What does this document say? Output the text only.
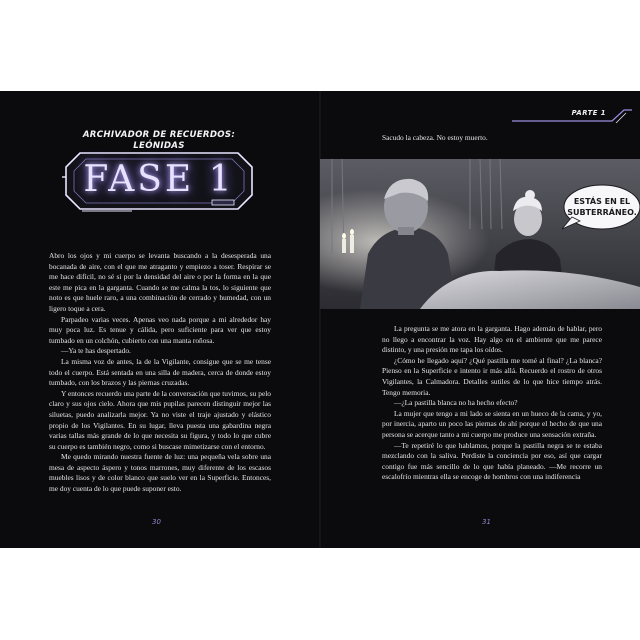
ARCHIVADOR DE RECUERDOS:
LEÓNIDAS
FASE 1

Abro los ojos y mi cuerpo se levanta buscando a la desesperada una bocanada de aire, con el que me atraganto y empiezo a toser. Respirar se me hace difícil, no sé si por la densidad del aire o por la forma en la que este me pica en la garganta. Cuando se me calma la tos, lo siguiente que noto es que huele raro, a una combinación de cerrado y humedad, con un ligero toque a cera.

Parpadeo varias veces. Apenas veo nada porque a mi alrededor hay muy poca luz. Es tenue y cálida, pero suficiente para ver que estoy tumbado en un colchón, cubierto con una manta roñosa.

—Ya te has despertado.

La misma voz de antes, la de la Vigilante, consigue que se me tense todo el cuerpo. Está sentada en una silla de madera, cerca de donde estoy tumbado, con los brazos y las piernas cruzadas.

Y entonces recuerdo una parte de la conversación que tuvimos, su pelo claro y sus ojos cielo. Ahora que mis pupilas parecen distinguir mejor las siluetas, puedo analizarla mejor. Ya no viste el traje ajustado y elástico propio de los Vigilantes. En su lugar, lleva puesta una gabardina negra varias tallas más grande de lo que necesita su figura, y todo lo que cubre su cuerpo es también negro, como si buscase mimetizarse con el entorno.

Me quedo mirando nuestra fuente de luz: una pequeña vela sobre una mesa de aspecto áspero y tonos marrones, muy diferente de los escasos muebles lisos y de color blanco que suelo ver en la Superficie. Entonces, me doy cuenta de lo que puede suponer esto.

30
PARTE 1
Sacudo la cabeza. No estoy muerto.
ESTÁS EN EL
SUBTERRÁNEO.

La pregunta se me atora en la garganta. Hago ademán de hablar, pero no llego a encontrar la voz. Hay algo en el ambiente que me parece distinto, y una presión me tapa los oídos.

¿Cómo he llegado aquí? ¿Qué pastilla me tomé al final? ¿La blanca? Pienso en la Superficie e intento ir más allá. Recuerdo el rostro de otros Vigilantes, la Calmadora. Detalles sutiles de lo que hice tiempo atrás. Tengo memoria.

—¿La pastilla blanca no ha hecho efecto?

La mujer que tengo a mi lado se sienta en un hueco de la cama, y yo, por inercia, aparto un poco las piernas de ahí porque el hecho de que una persona se acerque tanto a mi cuerpo me produce una sensación extraña.

—Te repetiré lo que hablamos, porque la pastilla negra se te estaba mezclando con la saliva. Perdiste la conciencia por eso, así que cargar contigo fue más sencillo de lo que había planeado. —Me recorre un escalofrío mientras ella se encoge de hombros con una indiferencia

31
